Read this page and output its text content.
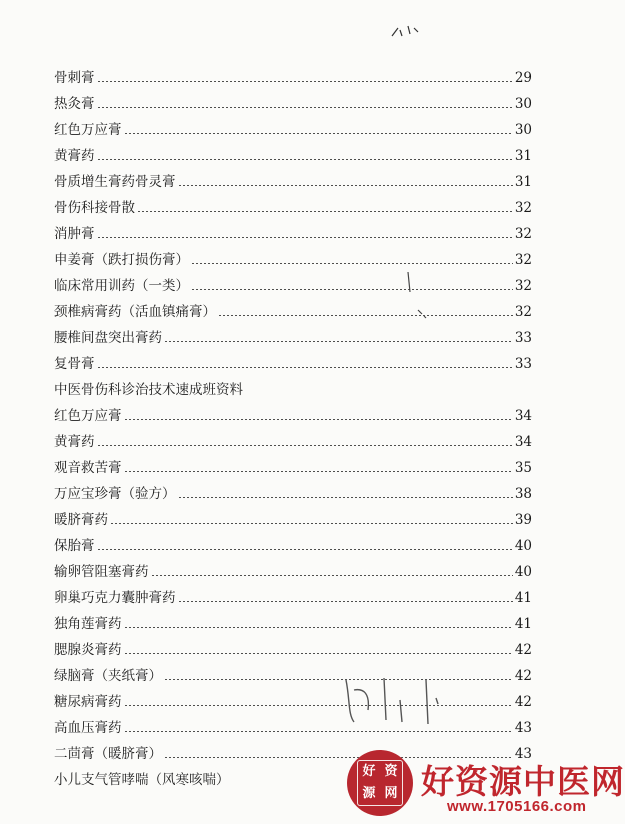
骨刺膏	29
热灸膏	30
红色万应膏	30
黄膏药	31
骨质增生膏药骨灵膏	31
骨伤科接骨散	32
消肿膏	32
申姜膏（跌打损伤膏）	32
临床常用训药（一类）	32
颈椎病膏药（活血镇痛膏）	32
腰椎间盘突出膏药	33
复骨膏	33
中医骨伤科诊治技术速成班资料
红色万应膏	34
黄膏药	34
观音救苦膏	35
万应宝珍膏（验方）	38
暖脐膏药	39
保胎膏	40
输卵管阻塞膏药	40
卵巢巧克力囊肿膏药	41
独角莲膏药	41
腮腺炎膏药	42
绿脑膏（夹纸膏）	42
糖尿病膏药	42
高血压膏药	43
二茴膏（暖脐膏）	43
小儿支气管哮喘（风寒咳喘）
好 资
源 网 好资源中医网
www.1705166.com
